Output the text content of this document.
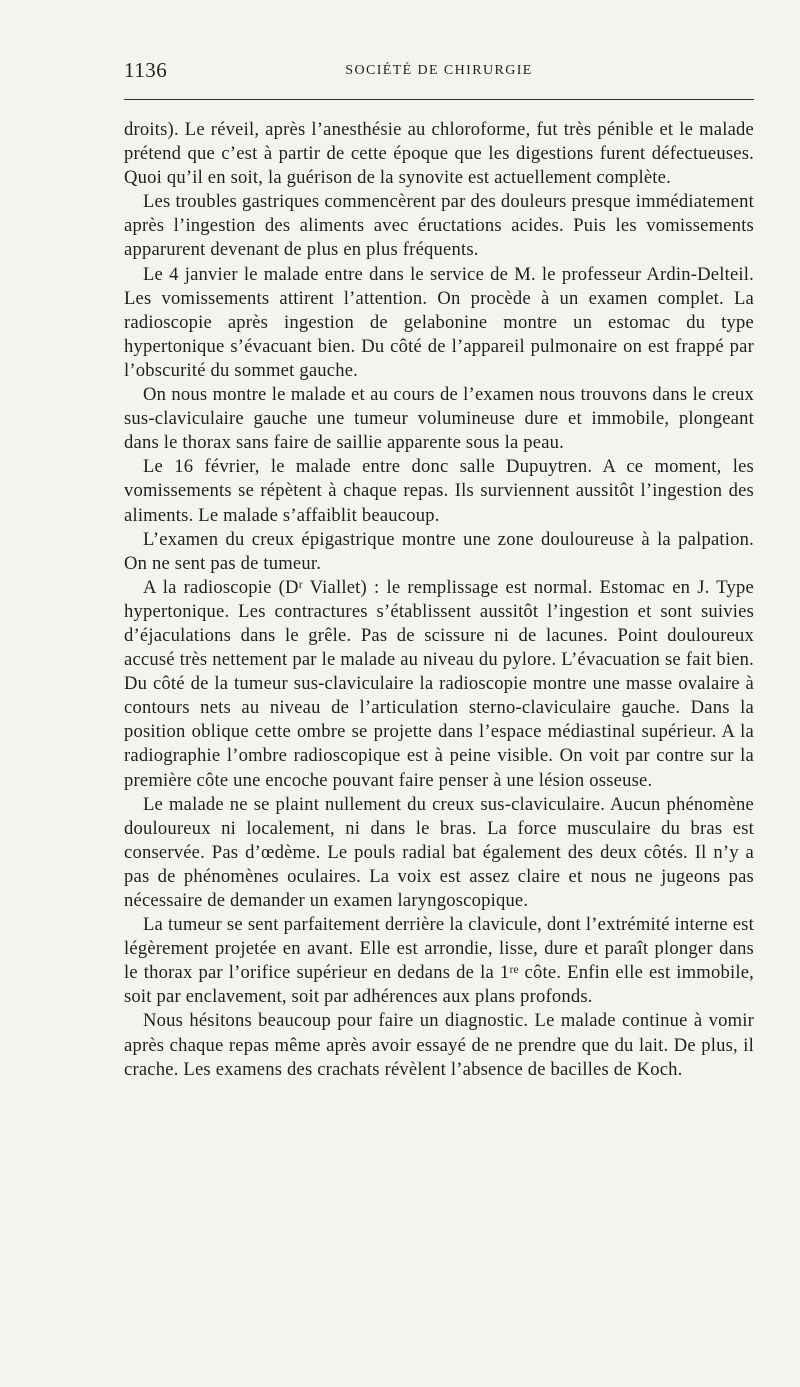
1136	SOCIÉTÉ DE CHIRURGIE

droits). Le réveil, après l’anesthésie au chloroforme, fut très pénible et le malade prétend que c’est à partir de cette époque que les digestions furent défectueuses. Quoi qu’il en soit, la guérison de la synovite est actuellement complète.

Les troubles gastriques commencèrent par des douleurs presque immédiatement après l’ingestion des aliments avec éructations acides. Puis les vomissements apparurent devenant de plus en plus fréquents.

Le 4 janvier le malade entre dans le service de M. le professeur Ardin-Delteil. Les vomissements attirent l’attention. On procède à un examen complet. La radioscopie après ingestion de gelabonine montre un estomac du type hypertonique s’évacuant bien. Du côté de l’appareil pulmonaire on est frappé par l’obscurité du sommet gauche.

On nous montre le malade et au cours de l’examen nous trouvons dans le creux sus-claviculaire gauche une tumeur volumineuse dure et immobile, plongeant dans le thorax sans faire de saillie apparente sous la peau.

Le 16 février, le malade entre donc salle Dupuytren. A ce moment, les vomissements se répètent à chaque repas. Ils surviennent aussitôt l’ingestion des aliments. Le malade s’affaiblit beaucoup.

L’examen du creux épigastrique montre une zone douloureuse à la palpation. On ne sent pas de tumeur.

A la radioscopie (Dʳ Viallet) : le remplissage est normal. Estomac en J. Type hypertonique. Les contractures s’établissent aussitôt l’ingestion et sont suivies d’éjaculations dans le grêle. Pas de scissure ni de lacunes. Point douloureux accusé très nettement par le malade au niveau du pylore. L’évacuation se fait bien. Du côté de la tumeur sus-claviculaire la radioscopie montre une masse ovalaire à contours nets au niveau de l’articulation sterno-claviculaire gauche. Dans la position oblique cette ombre se projette dans l’espace médiastinal supérieur. A la radiographie l’ombre radioscopique est à peine visible. On voit par contre sur la première côte une encoche pouvant faire penser à une lésion osseuse.

Le malade ne se plaint nullement du creux sus-claviculaire. Aucun phénomène douloureux ni localement, ni dans le bras. La force musculaire du bras est conservée. Pas d’œdème. Le pouls radial bat également des deux côtés. Il n’y a pas de phénomènes oculaires. La voix est assez claire et nous ne jugeons pas nécessaire de demander un examen laryngoscopique.

La tumeur se sent parfaitement derrière la clavicule, dont l’extrémité interne est légèrement projetée en avant. Elle est arrondie, lisse, dure et paraît plonger dans le thorax par l’orifice supérieur en dedans de la 1ʳᵉ côte. Enfin elle est immobile, soit par enclavement, soit par adhérences aux plans profonds.

Nous hésitons beaucoup pour faire un diagnostic. Le malade continue à vomir après chaque repas même après avoir essayé de ne prendre que du lait. De plus, il crache. Les examens des crachats révèlent l’absence de bacilles de Koch.
